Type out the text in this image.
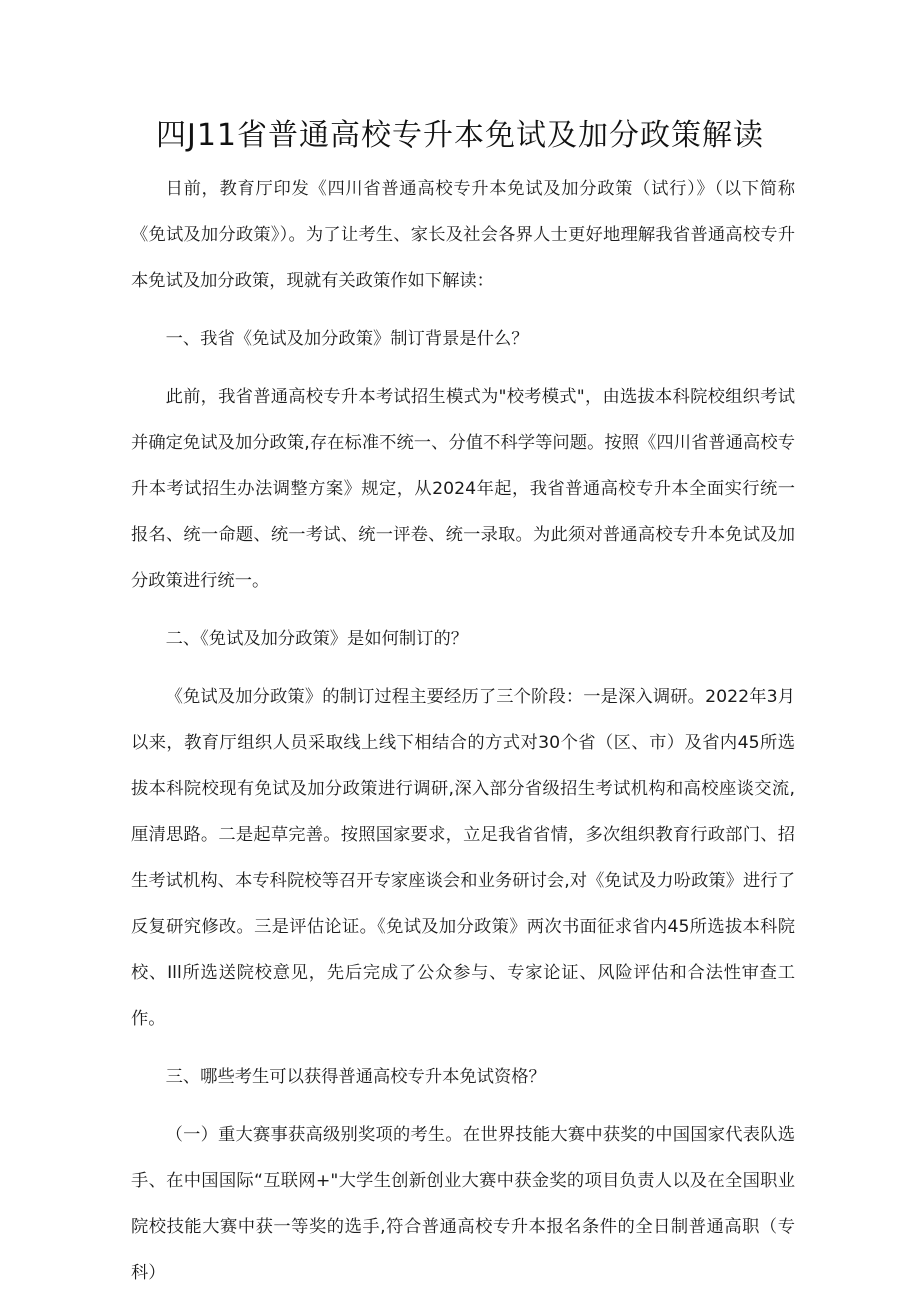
四J11省普通高校专升本免试及加分政策解读

日前，教育厅印发《四川省普通高校专升本免试及加分政策（试行）》（以下简称《免试及加分政策》）。为了让考生、家长及社会各界人士更好地理解我省普通高校专升本免试及加分政策，现就有关政策作如下解读：

一、我省《免试及加分政策》制订背景是什么？

此前，我省普通高校专升本考试招生模式为"校考模式"，由选拔本科院校组织考试并确定免试及加分政策,存在标准不统一、分值不科学等问题。按照《四川省普通高校专升本考试招生办法调整方案》规定，从2024年起，我省普通高校专升本全面实行统一报名、统一命题、统一考试、统一评卷、统一录取。为此须对普通高校专升本免试及加分政策进行统一。

二、《免试及加分政策》是如何制订的？

《免试及加分政策》的制订过程主要经历了三个阶段：一是深入调研。2022年3月以来，教育厅组织人员采取线上线下相结合的方式对30个省（区、市）及省内45所选拔本科院校现有免试及加分政策进行调研,深入部分省级招生考试机构和高校座谈交流,厘清思路。二是起草完善。按照国家要求，立足我省省情，多次组织教育行政部门、招生考试机构、本专科院校等召开专家座谈会和业务研讨会,对《免试及力吩政策》进行了反复研究修改。三是评估论证。《免试及加分政策》两次书面征求省内45所选拔本科院校、Ill所选送院校意见，先后完成了公众参与、专家论证、风险评估和合法性审查工作。

三、哪些考生可以获得普通高校专升本免试资格？

（一）重大赛事获高级别奖项的考生。在世界技能大赛中获奖的中国国家代表队选手、在中国国际“互联网+"大学生创新创业大赛中获金奖的项目负责人以及在全国职业院校技能大赛中获一等奖的选手,符合普通高校专升本报名条件的全日制普通高职（专科）
